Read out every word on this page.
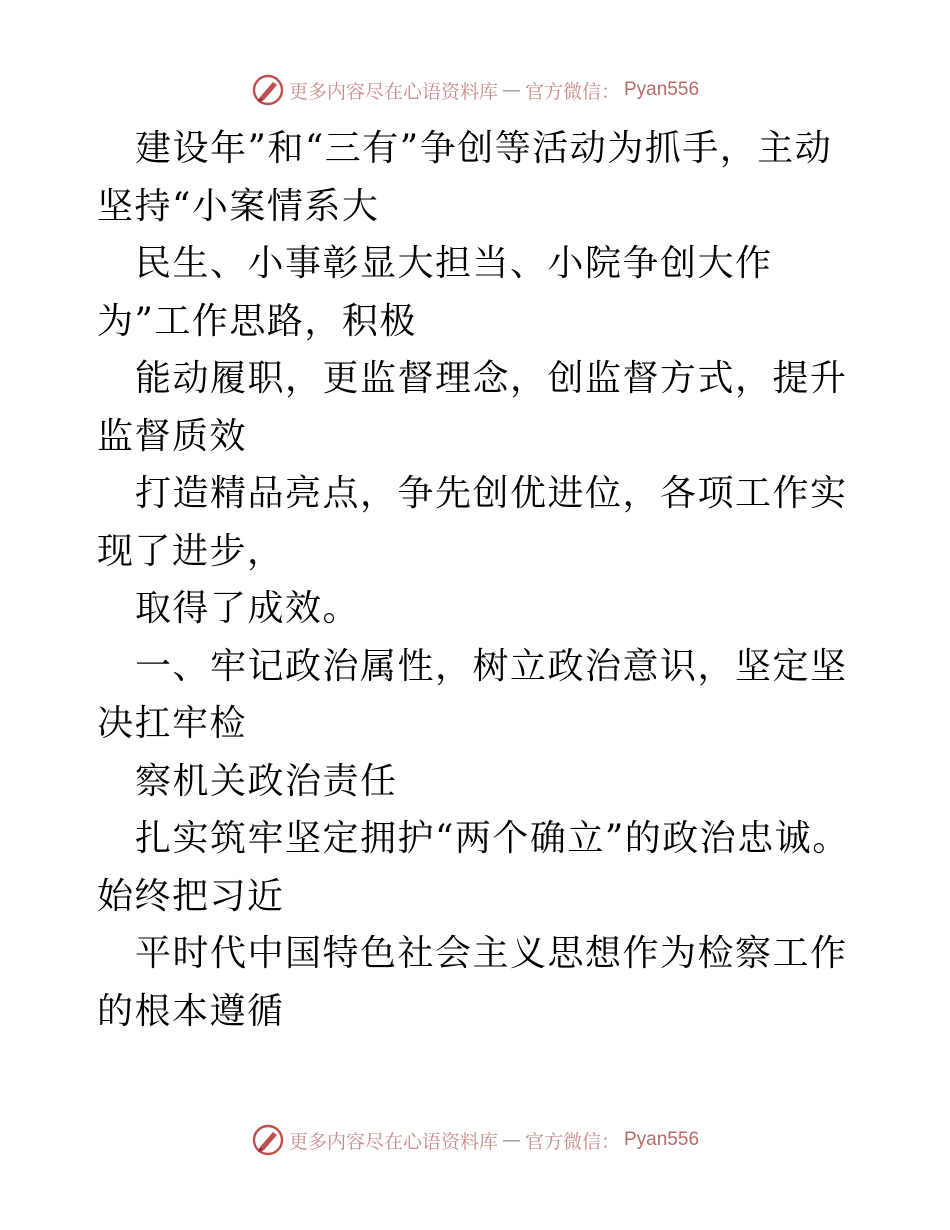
更多内容尽在心语资料库 — 官方微信： Pyan556

建设年”和“三有”争创等活动为抓手，主动坚持“小案情系大

民生、小事彰显大担当、小院争创大作为”工作思路，积极

能动履职，更监督理念，创监督方式，提升监督质效

打造精品亮点，争先创优进位，各项工作实现了进步，

取得了成效。

一、牢记政治属性，树立政治意识，坚定坚决扛牢检

察机关政治责任

扎实筑牢坚定拥护“两个确立”的政治忠诚。始终把习近

平时代中国特色社会主义思想作为检察工作的根本遵循

更多内容尽在心语资料库 — 官方微信： Pyan556
